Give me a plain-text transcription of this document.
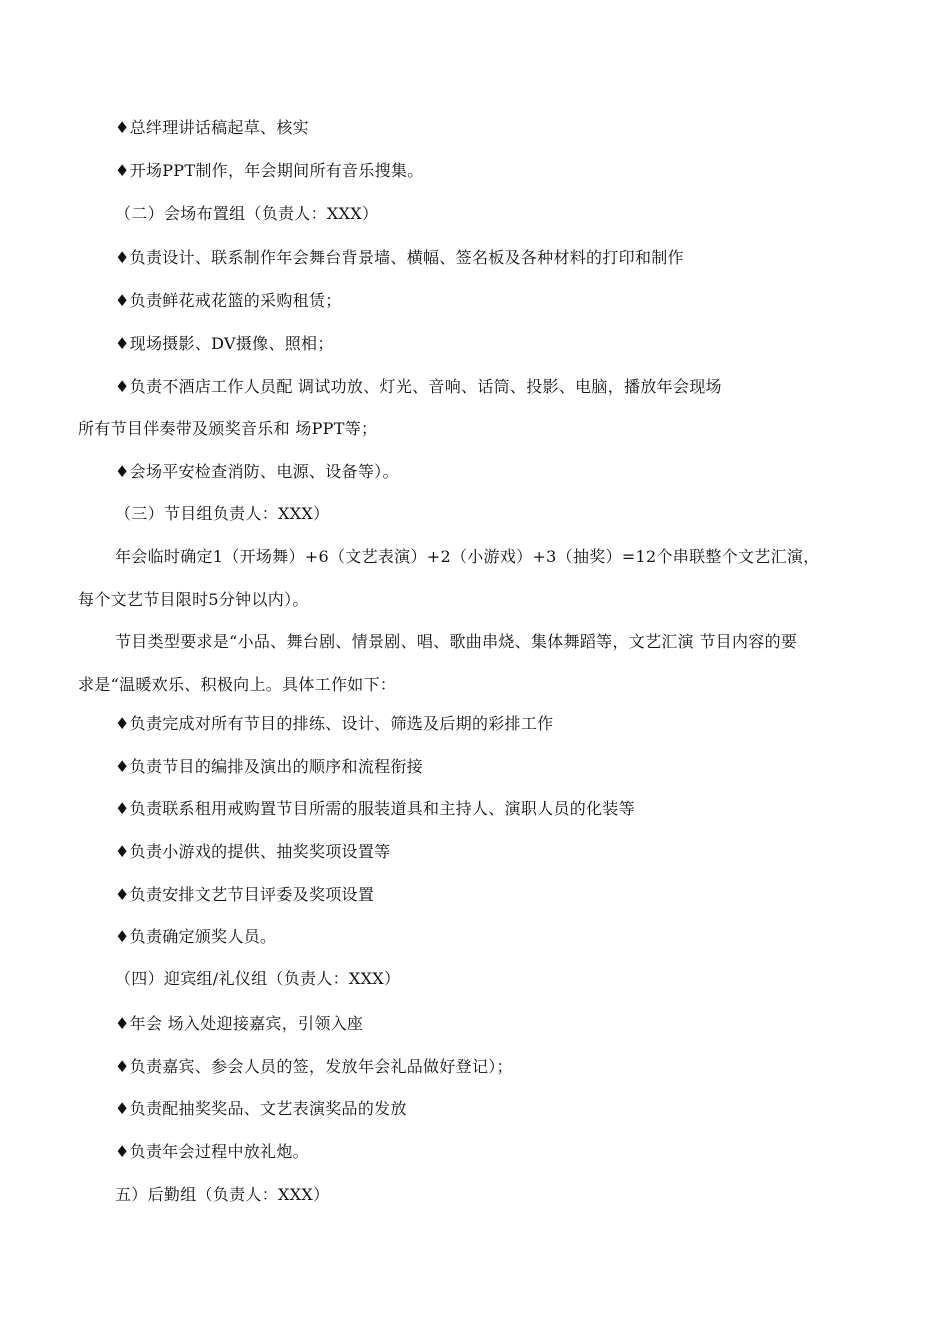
♦总绊理讲话稿起草、核实
♦开场PPT制作，年会期间所有音乐搜集。
（二）会场布置组（负责人：XXX）
♦负责设计、联系制作年会舞台背景墙、横幅、签名板及各种材料的打印和制作
♦负责鲜花戒花篮的采购租赁；
♦现场摄影、DV摄像、照相；
♦负责不酒店工作人员配 调试功放、灯光、音响、话筒、投影、电脑，播放年会现场
所有节目伴奏带及颁奖音乐和 场PPT等；
♦会场平安检查消防、电源、设备等）。
（三）节目组负责人：XXX）
年会临时确定1（开场舞）+6（文艺表演）+2（小游戏）+3（抽奖）=12个串联整个文艺汇演，
每个文艺节目限时5分钟以内）。
节目类型要求是“小品、舞台剧、情景剧、唱、歌曲串烧、集体舞蹈等，文艺汇演 节目内容的要
求是“温暖欢乐、积极向上。具体工作如下：
♦负责完成对所有节目的排练、设计、筛选及后期的彩排工作
♦负责节目的编排及演出的顺序和流程衔接
♦负责联系租用戒购置节目所需的服装道具和主持人、演职人员的化装等
♦负责小游戏的提供、抽奖奖项设置等
♦负责安排文艺节目评委及奖项设置
♦负责确定颁奖人员。
（四）迎宾组/礼仪组（负责人：XXX）
♦年会 场入处迎接嘉宾，引领入座
♦负责嘉宾、参会人员的签，发放年会礼品做好登记）；
♦负责配抽奖奖品、文艺表演奖品的发放
♦负责年会过程中放礼炮。
五）后勤组（负责人：XXX）
